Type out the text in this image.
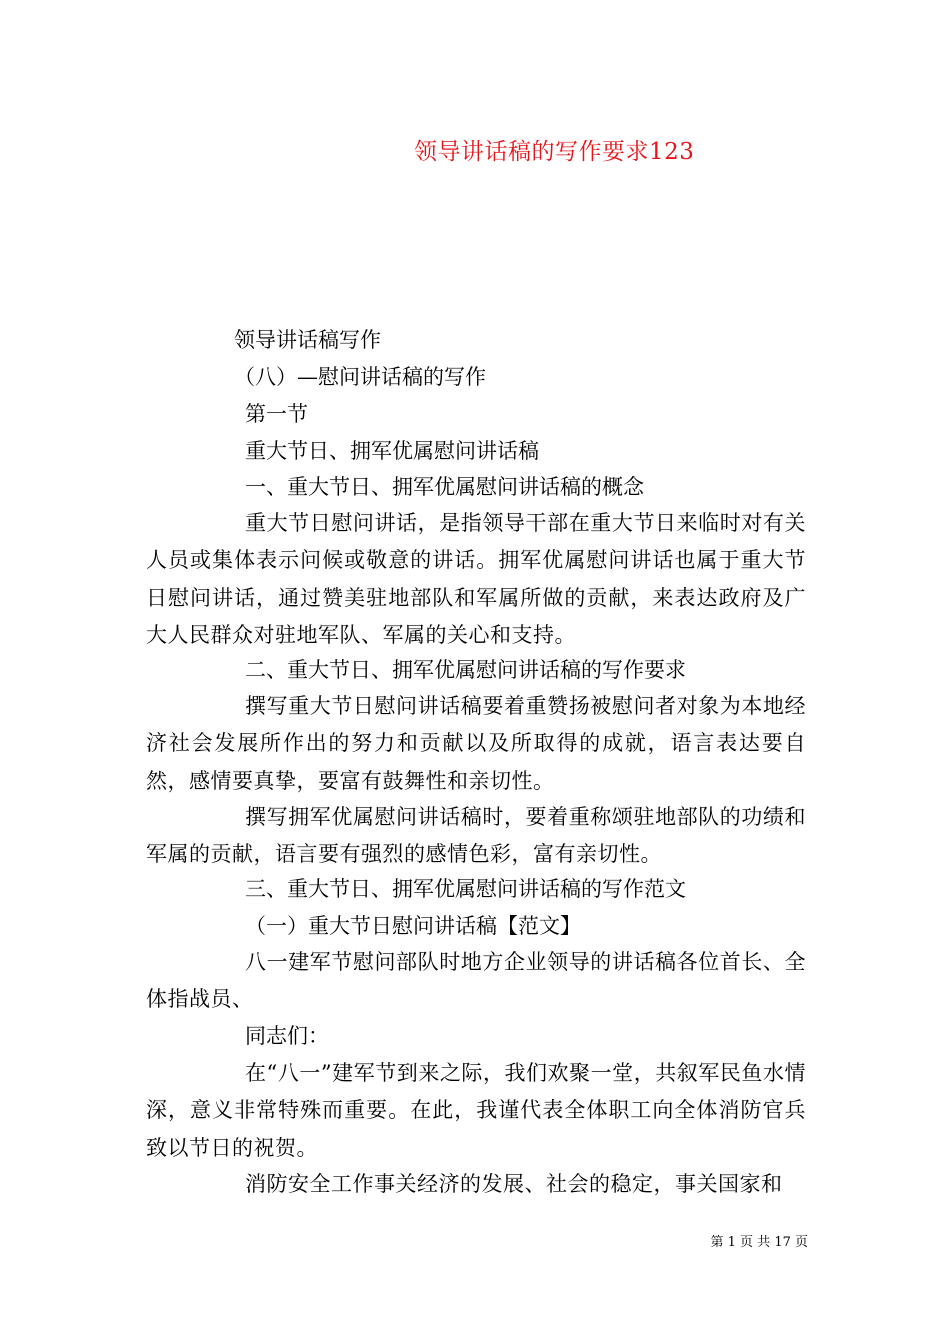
领导讲话稿的写作要求123
领导讲话稿写作
（八）—慰问讲话稿的写作
第一节
重大节日、拥军优属慰问讲话稿
一、重大节日、拥军优属慰问讲话稿的概念
重大节日慰问讲话，是指领导干部在重大节日来临时对有关人员或集体表示问候或敬意的讲话。拥军优属慰问讲话也属于重大节日慰问讲话，通过赞美驻地部队和军属所做的贡献，来表达政府及广大人民群众对驻地军队、军属的关心和支持。
二、重大节日、拥军优属慰问讲话稿的写作要求
撰写重大节日慰问讲话稿要着重赞扬被慰问者对象为本地经济社会发展所作出的努力和贡献以及所取得的成就，语言表达要自然，感情要真挚，要富有鼓舞性和亲切性。
撰写拥军优属慰问讲话稿时，要着重称颂驻地部队的功绩和军属的贡献，语言要有强烈的感情色彩，富有亲切性。
三、重大节日、拥军优属慰问讲话稿的写作范文
（一）重大节日慰问讲话稿【范文】
八一建军节慰问部队时地方企业领导的讲话稿各位首长、全体指战员、
同志们：
在“八一”建军节到来之际，我们欢聚一堂，共叙军民鱼水情深，意义非常特殊而重要。在此，我谨代表全体职工向全体消防官兵致以节日的祝贺。
消防安全工作事关经济的发展、社会的稳定，事关国家和
第 1 页 共 17 页
